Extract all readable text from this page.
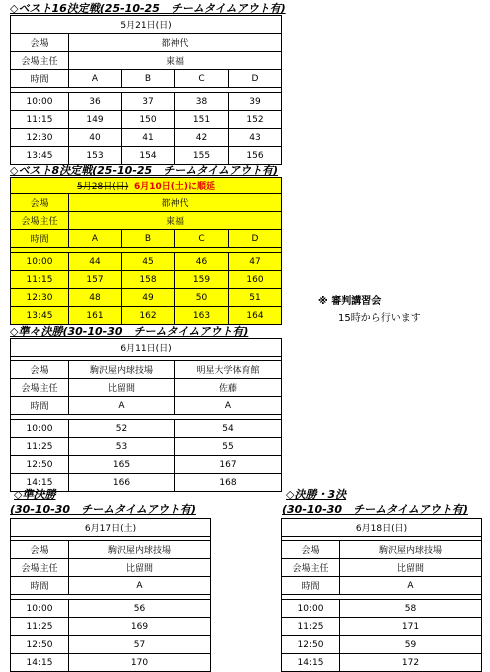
◇ベスト16決定戦(25-10-25　チームタイムアウト有)
5月21日(日)				
会場	都神代			
会場主任	東福			
時間	A	B	C	D

10:00	36	37	38	39
11:15	149	150	151	152
12:30	40	41	42	43
13:45	153	154	155	156
◇ベスト8決定戦(25-10-25　チームタイムアウト有)
5月28日(日) 6月10日(土)に順延				
会場	都神代			
会場主任	東福			
時間	A	B	C	D

10:00	44	45	46	47
11:15	157	158	159	160
12:30	48	49	50	51
13:45	161	162	163	164
※ 審判講習会
15時から行います
◇準々決勝(30-10-30　チームタイムアウト有)
6月11日(日)		

会場	駒沢屋内球技場	明星大学体育館
会場主任	比留間	佐藤
時間	A	A

10:00	52	54
11:25	53	55
12:50	165	167
14:15	166	168
◇準決勝
(30-10-30　チームタイムアウト有)
6月17日(土)	

会場	駒沢屋内球技場
会場主任	比留間
時間	A

10:00	56
11:25	169
12:50	57
14:15	170
◇決勝・3決
(30-10-30　チームタイムアウト有)
6月18日(日)	

会場	駒沢屋内球技場
会場主任	比留間
時間	A

10:00	58
11:25	171
12:50	59
14:15	172
